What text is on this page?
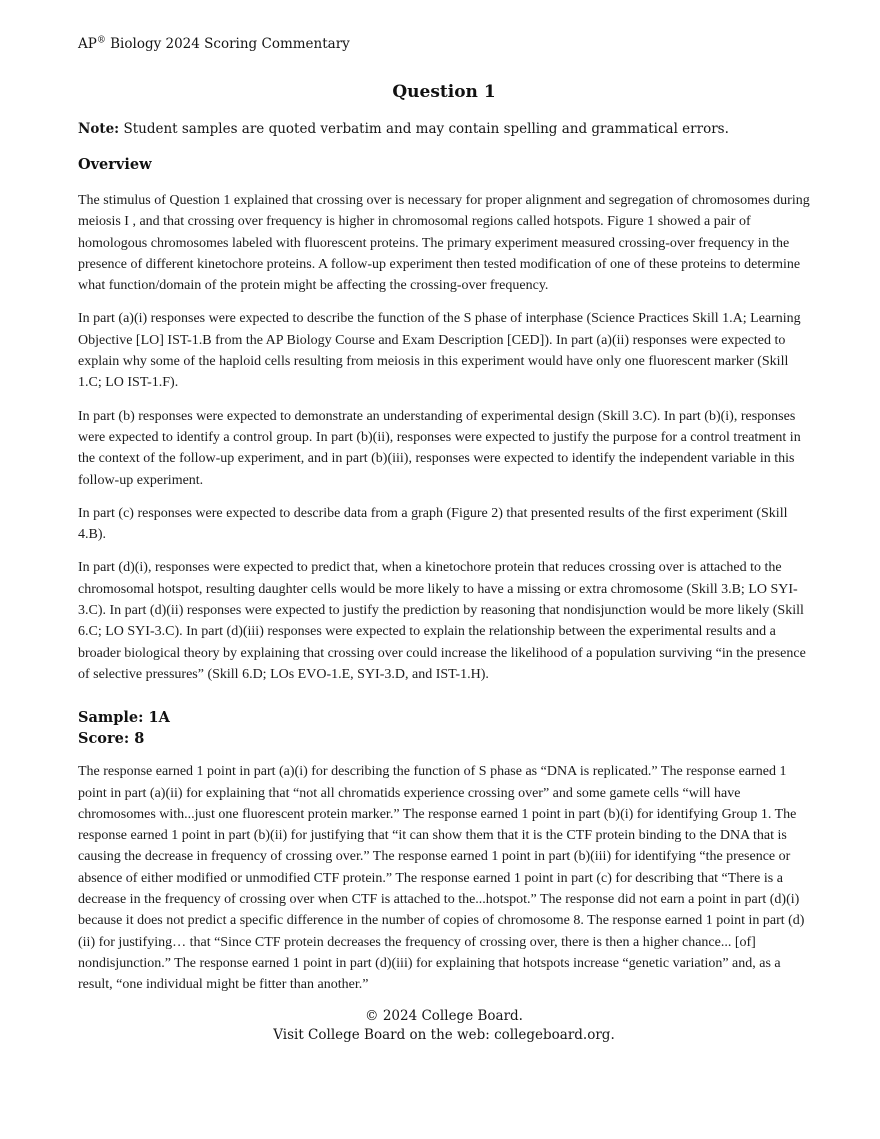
AP® Biology 2024 Scoring Commentary
Question 1

Note: Student samples are quoted verbatim and may contain spelling and grammatical errors.

Overview

The stimulus of Question 1 explained that crossing over is necessary for proper alignment and segregation of chromosomes during meiosis I , and that crossing over frequency is higher in chromosomal regions called hotspots. Figure 1 showed a pair of homologous chromosomes labeled with fluorescent proteins. The primary experiment measured crossing-over frequency in the presence of different kinetochore proteins. A follow-up experiment then tested modification of one of these proteins to determine what function/domain of the protein might be affecting the crossing-over frequency.

In part (a)(i) responses were expected to describe the function of the S phase of interphase (Science Practices Skill 1.A; Learning Objective [LO] IST-1.B from the AP Biology Course and Exam Description [CED]). In part (a)(ii) responses were expected to explain why some of the haploid cells resulting from meiosis in this experiment would have only one fluorescent marker (Skill 1.C; LO IST-1.F).

In part (b) responses were expected to demonstrate an understanding of experimental design (Skill 3.C). In part (b)(i), responses were expected to identify a control group. In part (b)(ii), responses were expected to justify the purpose for a control treatment in the context of the follow-up experiment, and in part (b)(iii), responses were expected to identify the independent variable in this follow-up experiment.

In part (c) responses were expected to describe data from a graph (Figure 2) that presented results of the first experiment (Skill 4.B).

In part (d)(i), responses were expected to predict that, when a kinetochore protein that reduces crossing over is attached to the chromosomal hotspot, resulting daughter cells would be more likely to have a missing or extra chromosome (Skill 3.B; LO SYI-3.C). In part (d)(ii) responses were expected to justify the prediction by reasoning that nondisjunction would be more likely (Skill 6.C; LO SYI-3.C). In part (d)(iii) responses were expected to explain the relationship between the experimental results and a broader biological theory by explaining that crossing over could increase the likelihood of a population surviving “in the presence of selective pressures” (Skill 6.D; LOs EVO-1.E, SYI-3.D, and IST-1.H).

Sample: 1A
Score: 8

The response earned 1 point in part (a)(i) for describing the function of S phase as “DNA is replicated.” The response earned 1 point in part (a)(ii) for explaining that “not all chromatids experience crossing over” and some gamete cells “will have chromosomes with...just one fluorescent protein marker.” The response earned 1 point in part (b)(i) for identifying Group 1. The response earned 1 point in part (b)(ii) for justifying that “it can show them that it is the CTF protein binding to the DNA that is causing the decrease in frequency of crossing over.” The response earned 1 point in part (b)(iii) for identifying “the presence or absence of either modified or unmodified CTF protein.” The response earned 1 point in part (c) for describing that “There is a decrease in the frequency of crossing over when CTF is attached to the...hotspot.” The response did not earn a point in part (d)(i) because it does not predict a specific difference in the number of copies of chromosome 8. The response earned 1 point in part (d)(ii) for justifying… that “Since CTF protein decreases the frequency of crossing over, there is then a higher chance... [of] nondisjunction.” The response earned 1 point in part (d)(iii) for explaining that hotspots increase “genetic variation” and, as a result, “one individual might be fitter than another.”

© 2024 College Board.
Visit College Board on the web: collegeboard.org.
